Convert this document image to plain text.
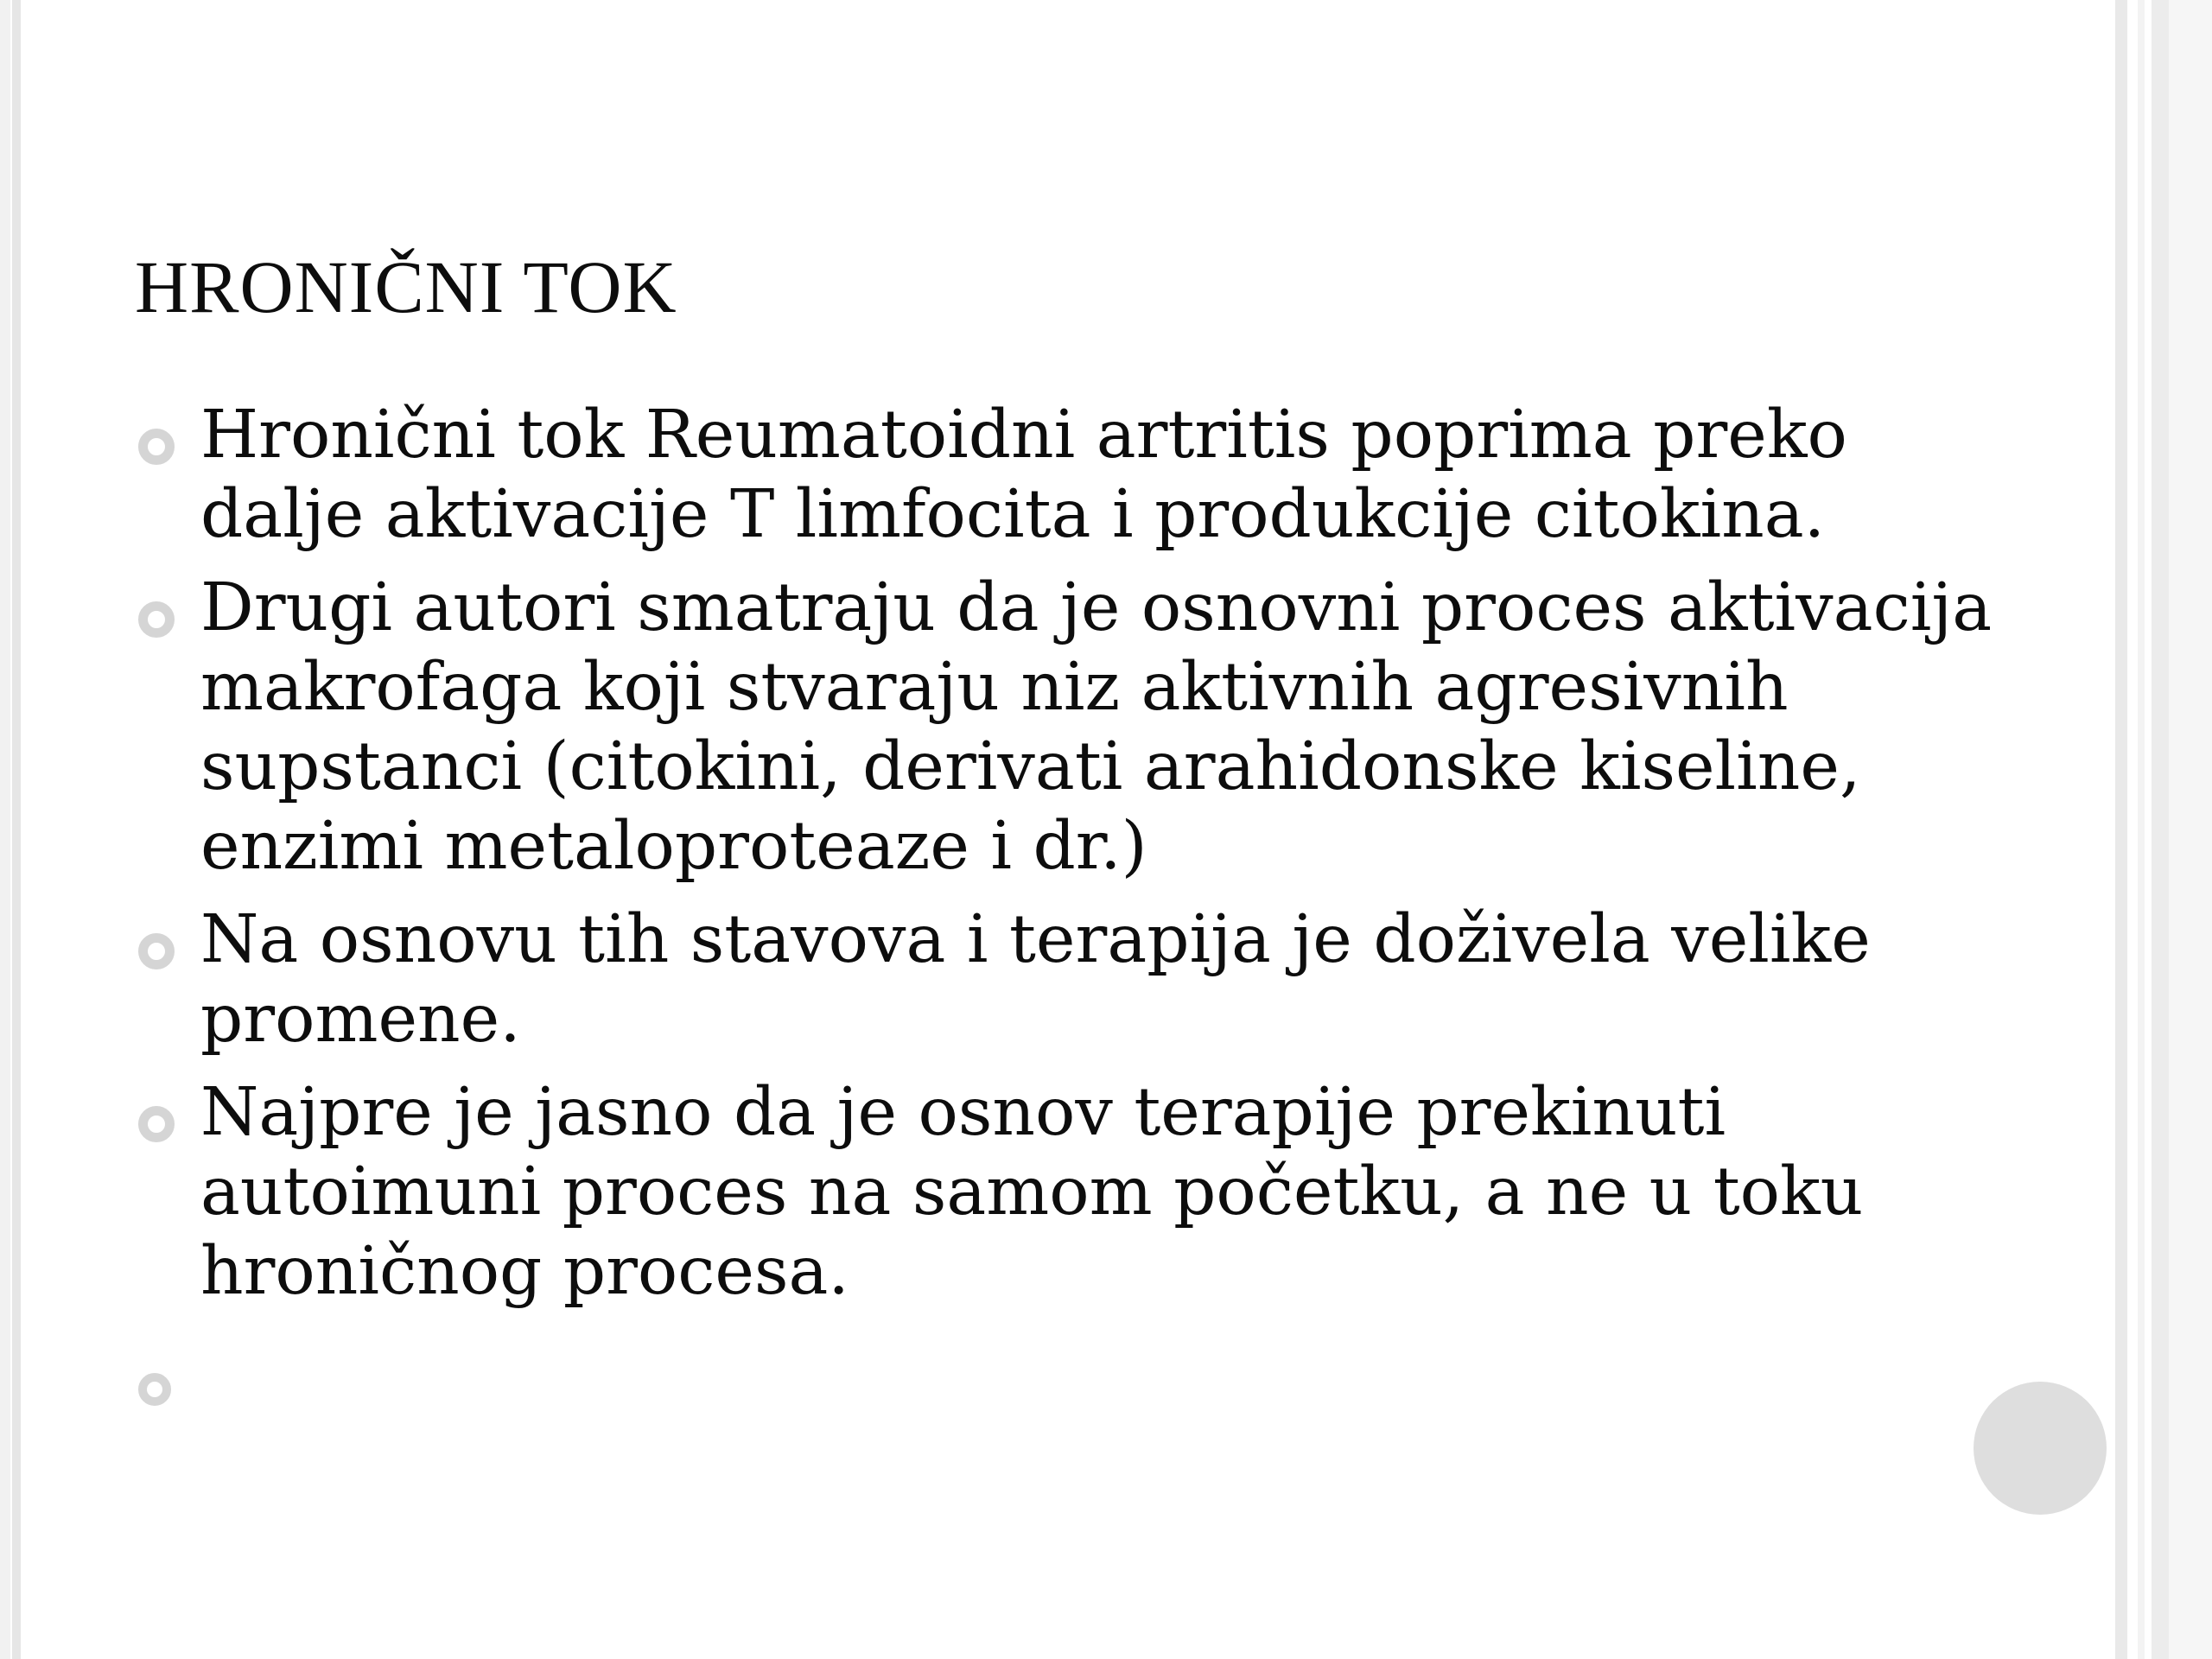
HRONIČNI TOK
Hronični tok Reumatoidni artritis poprima preko
dalje aktivacije T limfocita i produkcije citokina.
Drugi autori smatraju da je osnovni proces aktivacija
makrofaga koji stvaraju niz aktivnih agresivnih
supstanci (citokini, derivati arahidonske kiseline,
enzimi metaloproteaze i dr.)
Na osnovu tih stavova i terapija je doživela velike
promene.
Najpre je jasno da je osnov terapije prekinuti
autoimuni proces na samom početku, a ne u toku
hroničnog procesa.
